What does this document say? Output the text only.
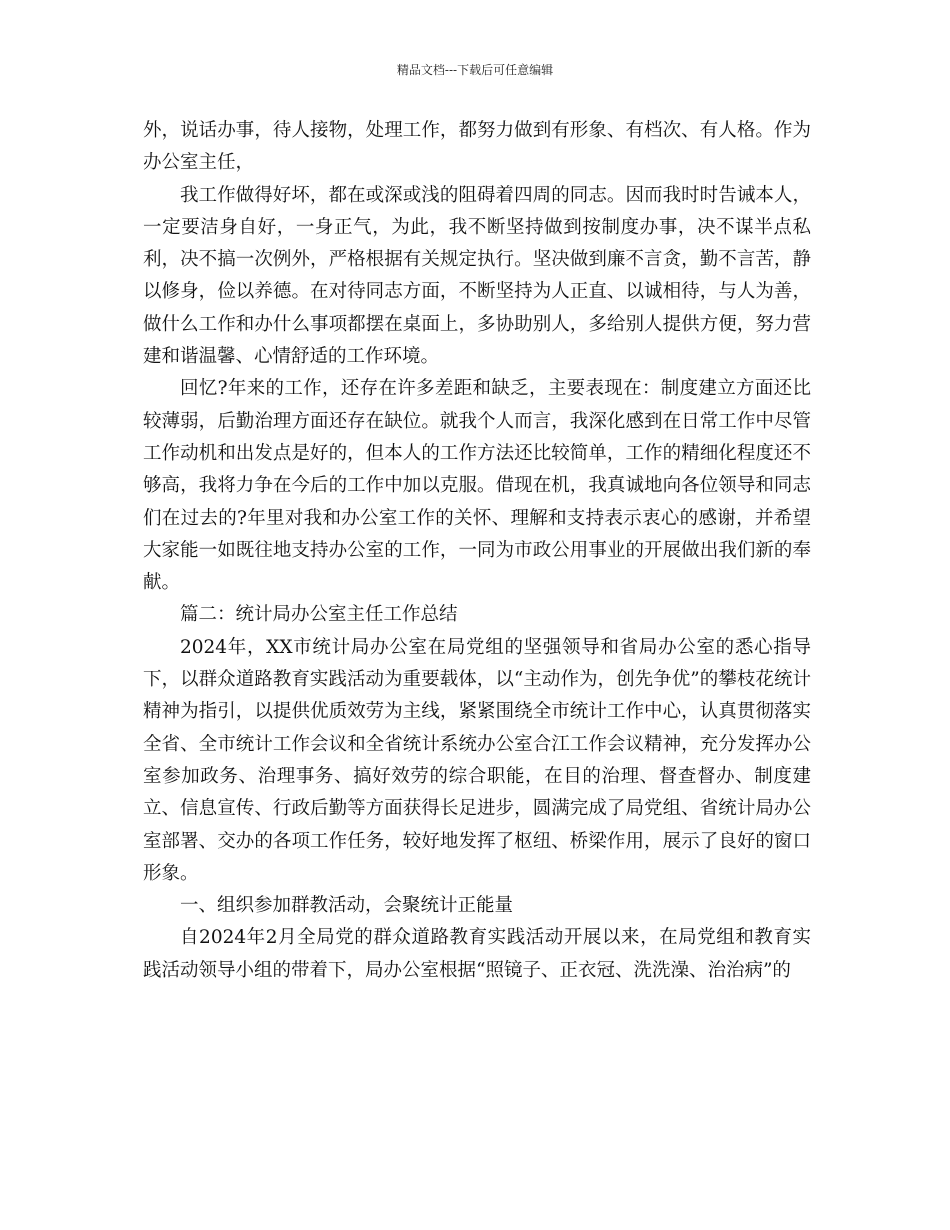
精品文档---下载后可任意编辑

外，说话办事，待人接物，处理工作，都努力做到有形象、有档次、有人格。作为办公室主任，

我工作做得好坏，都在或深或浅的阻碍着四周的同志。因而我时时告诫本人，一定要洁身自好，一身正气，为此，我不断坚持做到按制度办事，决不谋半点私利，决不搞一次例外，严格根据有关规定执行。坚决做到廉不言贪，勤不言苦，静以修身，俭以养德。在对待同志方面，不断坚持为人正直、以诚相待，与人为善，做什么工作和办什么事项都摆在桌面上，多协助别人，多给别人提供方便，努力营建和谐温馨、心情舒适的工作环境。

回忆?年来的工作，还存在许多差距和缺乏，主要表现在：制度建立方面还比较薄弱，后勤治理方面还存在缺位。就我个人而言，我深化感到在日常工作中尽管工作动机和出发点是好的，但本人的工作方法还比较简单，工作的精细化程度还不够高，我将力争在今后的工作中加以克服。借现在机，我真诚地向各位领导和同志们在过去的?年里对我和办公室工作的关怀、理解和支持表示衷心的感谢，并希望大家能一如既往地支持办公室的工作，一同为市政公用事业的开展做出我们新的奉献。

篇二：统计局办公室主任工作总结

2024年，XX市统计局办公室在局党组的坚强领导和省局办公室的悉心指导下，以群众道路教育实践活动为重要载体，以“主动作为，创先争优”的攀枝花统计精神为指引，以提供优质效劳为主线，紧紧围绕全市统计工作中心，认真贯彻落实全省、全市统计工作会议和全省统计系统办公室合江工作会议精神，充分发挥办公室参加政务、治理事务、搞好效劳的综合职能，在目的治理、督查督办、制度建立、信息宣传、行政后勤等方面获得长足进步，圆满完成了局党组、省统计局办公室部署、交办的各项工作任务，较好地发挥了枢纽、桥梁作用，展示了良好的窗口形象。

一、组织参加群教活动，会聚统计正能量

自2024年2月全局党的群众道路教育实践活动开展以来，在局党组和教育实践活动领导小组的带着下，局办公室根据“照镜子、正衣冠、洗洗澡、治治病”的
